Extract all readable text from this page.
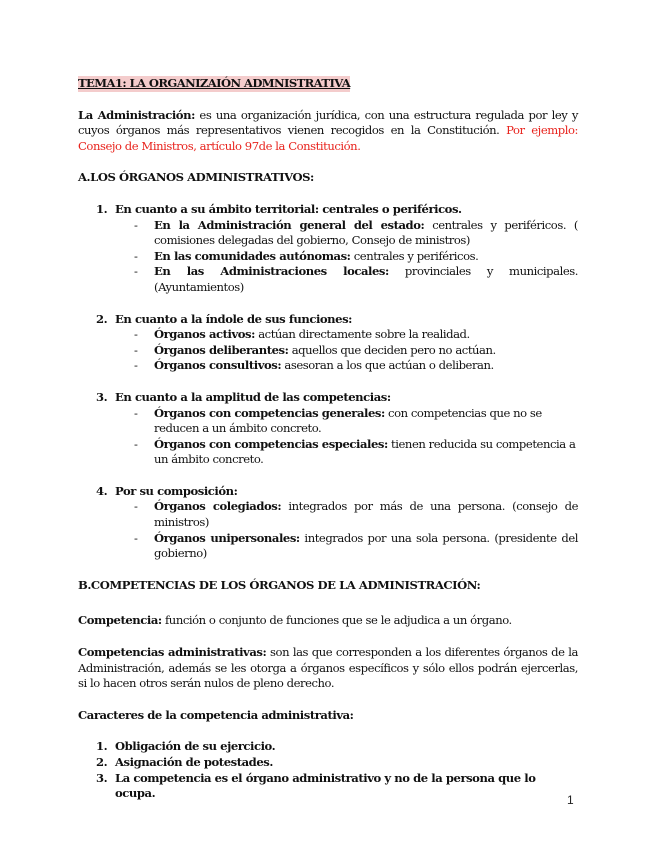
TEMA1: LA ORGANIZAIÓN ADMNISTRATIVA

La Administración: es una organización jurídica, con una estructura regulada por ley y cuyos órganos más representativos vienen recogidos en la Constitución. Por ejemplo: Consejo de Ministros, artículo 97de la Constitución.

A.LOS ÓRGANOS ADMINISTRATIVOS:

1. En cuanto a su ámbito territorial: centrales o periféricos.
- En la Administración general del estado: centrales y periféricos. ( comisiones delegadas del gobierno, Consejo de ministros)
- En las comunidades autónomas: centrales y periféricos.
- En las Administraciones locales: provinciales y municipales. (Ayuntamientos)
2. En cuanto a la índole de sus funciones:
- Órganos activos: actúan directamente sobre la realidad.
- Órganos deliberantes: aquellos que deciden pero no actúan.
- Órganos consultivos: asesoran a los que actúan o deliberan.
3. En cuanto a la amplitud de las competencias:
- Órganos con competencias generales: con competencias que no se reducen a un ámbito concreto.
- Órganos con competencias especiales: tienen reducida su competencia a un ámbito concreto.
4. Por su composición:
- Órganos colegiados: integrados por más de una persona. (consejo de ministros)
- Órganos unipersonales: integrados por una sola persona. (presidente del gobierno)

B.COMPETENCIAS DE LOS ÓRGANOS DE LA ADMINISTRACIÓN:

Competencia: función o conjunto de funciones que se le adjudica a un órgano.

Competencias administrativas: son las que corresponden a los diferentes órganos de la Administración, además se les otorga a órganos específicos y sólo ellos podrán ejercerlas, si lo hacen otros serán nulos de pleno derecho.

Caracteres de la competencia administrativa:

1. Obligación de su ejercicio.
2. Asignación de potestades.
3. La competencia es el órgano administrativo y no de la persona que lo ocupa.	1
